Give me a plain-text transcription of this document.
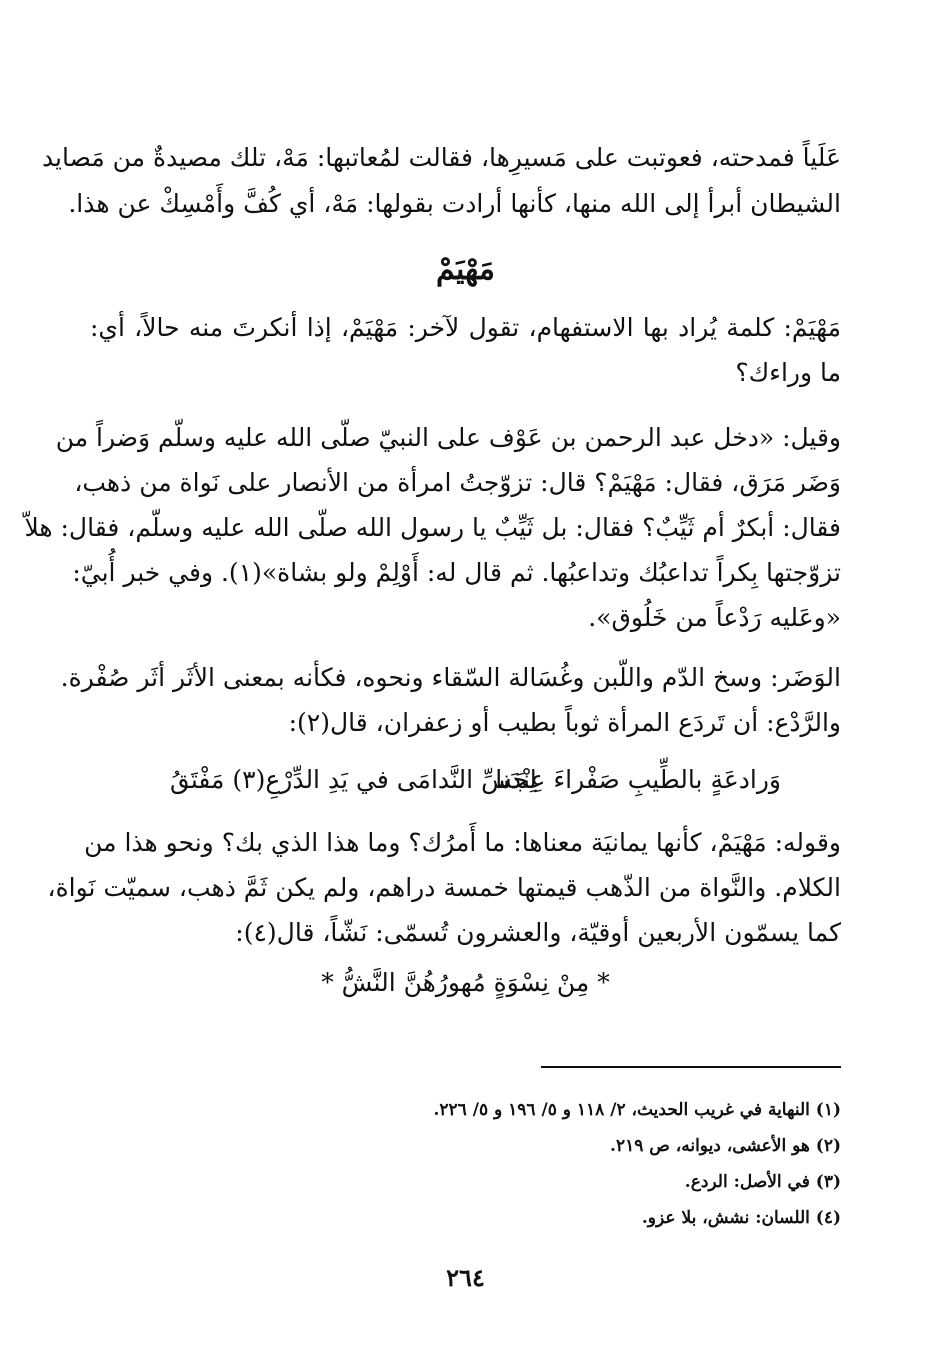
عَلَياً فمدحته، فعوتبت على مَسيرِها، فقالت لمُعاتبها: مَهْ، تلك مصيدةٌ من مَصايد
الشيطان أبرأ إلى الله منها، كأنها أرادت بقولها: مَهْ، أي كُفَّ وأَمْسِكْ عن هذا.
مَهْيَمْ
مَهْيَمْ: كلمة يُراد بها الاستفهام، تقول لآخر: مَهْيَمْ، إذا أنكرتَ منه حالاً، أي:
ما وراءك؟
وقيل: «دخل عبد الرحمن بن عَوْف على النبيّ صلّى الله عليه وسلّم وَضراً من
وَضَر مَرَق، فقال: مَهْيَمْ؟ قال: تزوّجتُ امرأة من الأنصار على نَواة من ذهب،
فقال: أبكرٌ أم ثَيِّبٌ؟ فقال: بل ثَيِّبٌ يا رسول الله صلّى الله عليه وسلّم، فقال: هلاّ
تزوّجتها بِكراً تداعبُك وتداعبُها. ثم قال له: أَوْلِمْ ولو بشاة»(١). وفي خبر أُبيّ:
«وعَليه رَدْعاً من خَلُوق».
الوَضَر: وسخ الدّم واللّبن وغُسَالة السّقاء ونحوه، فكأنه بمعنى الأثَر أثَر صُفْرة.
والرَّدْع: أن تَردَع المرأة ثوباً بطيب أو زعفران، قال(٢):
وَرادعَةٍ بالطِّيبِ صَفْراءَ عِنْدَنا
لِجَسِّ النَّدامَى في يَدِ الدِّرْعِ(٣) مَفْتَقُ
وقوله: مَهْيَمْ، كأنها يمانيَة معناها: ما أَمرُك؟ وما هذا الذي بك؟ ونحو هذا من
الكلام. والنَّواة من الذّهب قيمتها خمسة دراهم، ولم يكن ثَمَّ ذهب، سميّت نَواة،
كما يسمّون الأربعين أوقيّة، والعشرون تُسمّى: نَشّاً، قال(٤):
* مِنْ نِسْوَةٍ مُهورُهُنَّ النَّشُّ *
(١) النهاية في غريب الحديث، ٢/ ١١٨ و ٥/ ١٩٦ و ٥/ ٢٢٦.
(٢) هو الأعشى، ديوانه، ص ٢١٩.
(٣) في الأصل: الردع.
(٤) اللسان: نشش، بلا عزو.
٢٦٤
